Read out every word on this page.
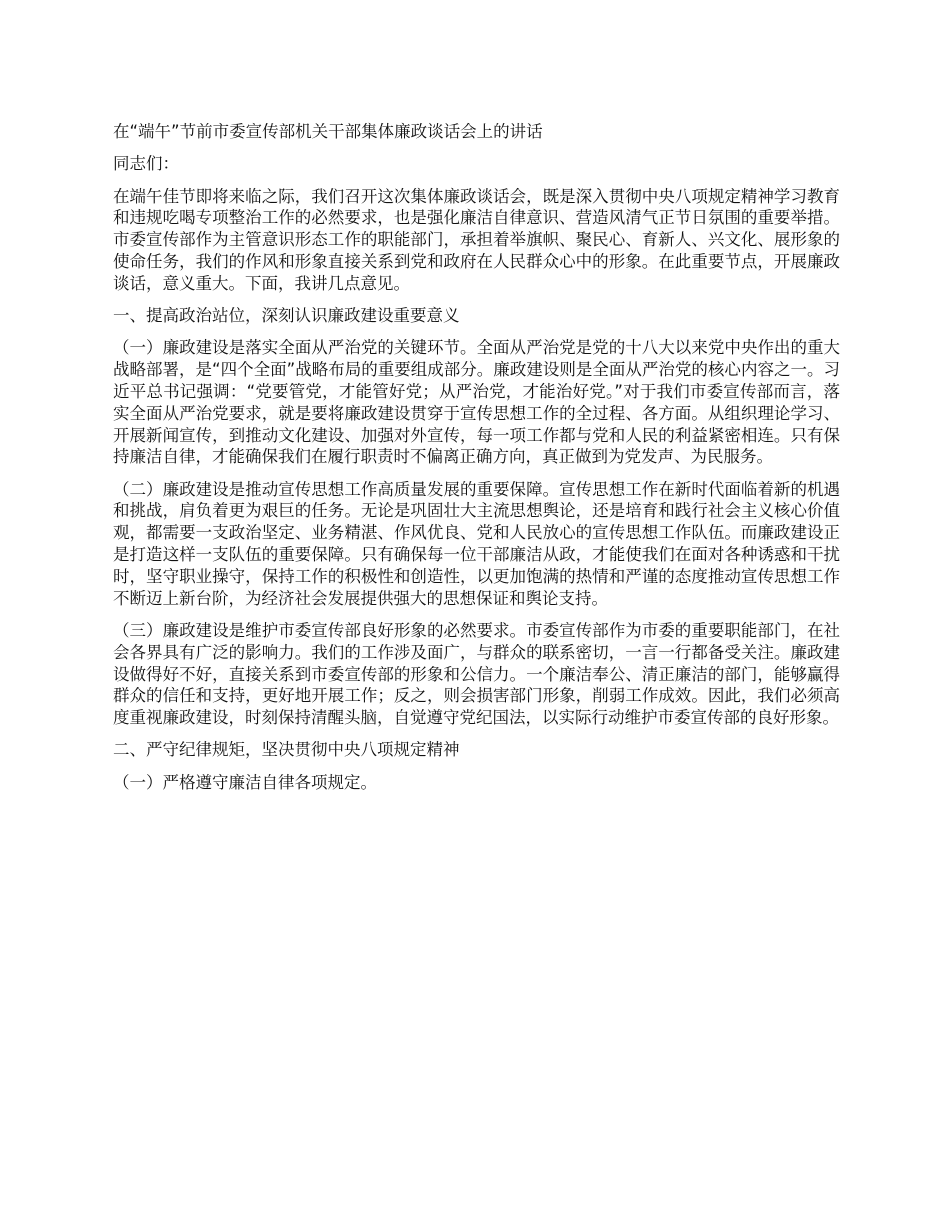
在“端午”节前市委宣传部机关干部集体廉政谈话会上的讲话

同志们：

在端午佳节即将来临之际，我们召开这次集体廉政谈话会，既是深入贯彻中央八项规定精神学习教育和违规吃喝专项整治工作的必然要求，也是强化廉洁自律意识、营造风清气正节日氛围的重要举措。市委宣传部作为主管意识形态工作的职能部门，承担着举旗帜、聚民心、育新人、兴文化、展形象的使命任务，我们的作风和形象直接关系到党和政府在人民群众心中的形象。在此重要节点，开展廉政谈话，意义重大。下面，我讲几点意见。

一、提高政治站位，深刻认识廉政建设重要意义

（一）廉政建设是落实全面从严治党的关键环节。全面从严治党是党的十八大以来党中央作出的重大战略部署，是“四个全面”战略布局的重要组成部分。廉政建设则是全面从严治党的核心内容之一。习近平总书记强调：“党要管党，才能管好党；从严治党，才能治好党。”对于我们市委宣传部而言，落实全面从严治党要求，就是要将廉政建设贯穿于宣传思想工作的全过程、各方面。从组织理论学习、开展新闻宣传，到推动文化建设、加强对外宣传，每一项工作都与党和人民的利益紧密相连。只有保持廉洁自律，才能确保我们在履行职责时不偏离正确方向，真正做到为党发声、为民服务。

（二）廉政建设是推动宣传思想工作高质量发展的重要保障。宣传思想工作在新时代面临着新的机遇和挑战，肩负着更为艰巨的任务。无论是巩固壮大主流思想舆论，还是培育和践行社会主义核心价值观，都需要一支政治坚定、业务精湛、作风优良、党和人民放心的宣传思想工作队伍。而廉政建设正是打造这样一支队伍的重要保障。只有确保每一位干部廉洁从政，才能使我们在面对各种诱惑和干扰时，坚守职业操守，保持工作的积极性和创造性，以更加饱满的热情和严谨的态度推动宣传思想工作不断迈上新台阶，为经济社会发展提供强大的思想保证和舆论支持。

（三）廉政建设是维护市委宣传部良好形象的必然要求。市委宣传部作为市委的重要职能部门，在社会各界具有广泛的影响力。我们的工作涉及面广，与群众的联系密切，一言一行都备受关注。廉政建设做得好不好，直接关系到市委宣传部的形象和公信力。一个廉洁奉公、清正廉洁的部门，能够赢得群众的信任和支持，更好地开展工作；反之，则会损害部门形象，削弱工作成效。因此，我们必须高度重视廉政建设，时刻保持清醒头脑，自觉遵守党纪国法，以实际行动维护市委宣传部的良好形象。

二、严守纪律规矩，坚决贯彻中央八项规定精神

（一）严格遵守廉洁自律各项规定。
